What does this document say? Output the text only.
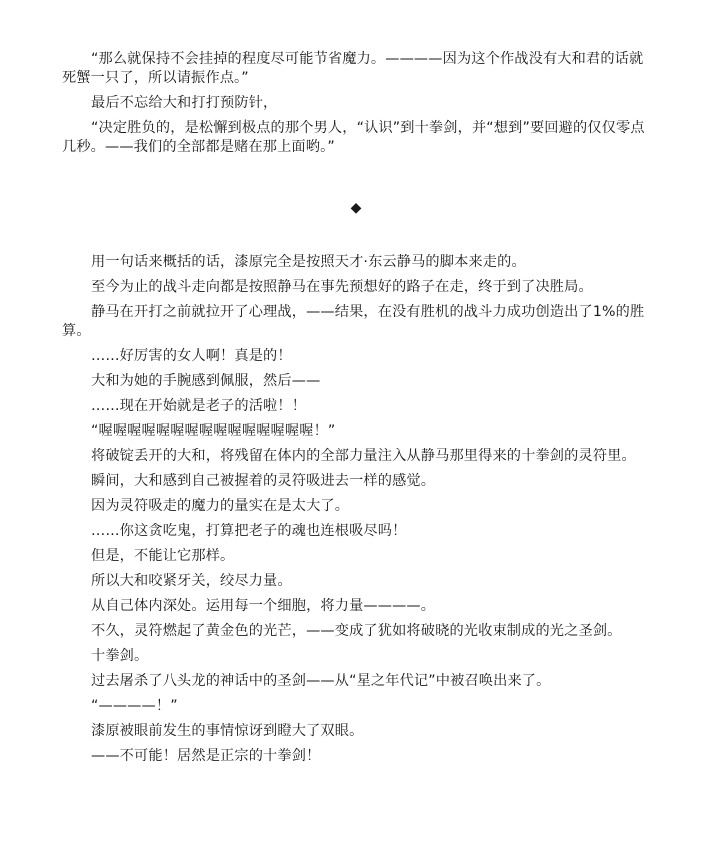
“那么就保持不会挂掉的程度尽可能节省魔力。————因为这个作战没有大和君的话就死蟹一只了，所以请振作点。”

最后不忘给大和打打预防针，

“决定胜负的，是松懈到极点的那个男人，“认识”到十拳剑，并“想到”要回避的仅仅零点几秒。——我们的全部都是赌在那上面哟。”

◆

用一句话来概括的话，漆原完全是按照天才·东云静马的脚本来走的。

至今为止的战斗走向都是按照静马在事先预想好的路子在走，终于到了决胜局。

静马在开打之前就拉开了心理战，——结果，在没有胜机的战斗力成功创造出了1%的胜算。

……好厉害的女人啊！真是的！

大和为她的手腕感到佩服，然后——

……现在开始就是老子的活啦！！

“喔喔喔喔喔喔喔喔喔喔喔喔喔喔喔！”

将破锭丢开的大和，将残留在体内的全部力量注入从静马那里得来的十拳剑的灵符里。

瞬间，大和感到自己被握着的灵符吸进去一样的感觉。

因为灵符吸走的魔力的量实在是太大了。

……你这贪吃鬼，打算把老子的魂也连根吸尽吗！

但是，不能让它那样。

所以大和咬紧牙关，绞尽力量。

从自己体内深处。运用每一个细胞，将力量————。

不久，灵符燃起了黄金色的光芒，——变成了犹如将破晓的光收束制成的光之圣剑。

十拳剑。

过去屠杀了八头龙的神话中的圣剑——从“星之年代记”中被召唤出来了。

“————！”

漆原被眼前发生的事情惊讶到瞪大了双眼。

——不可能！居然是正宗的十拳剑！
